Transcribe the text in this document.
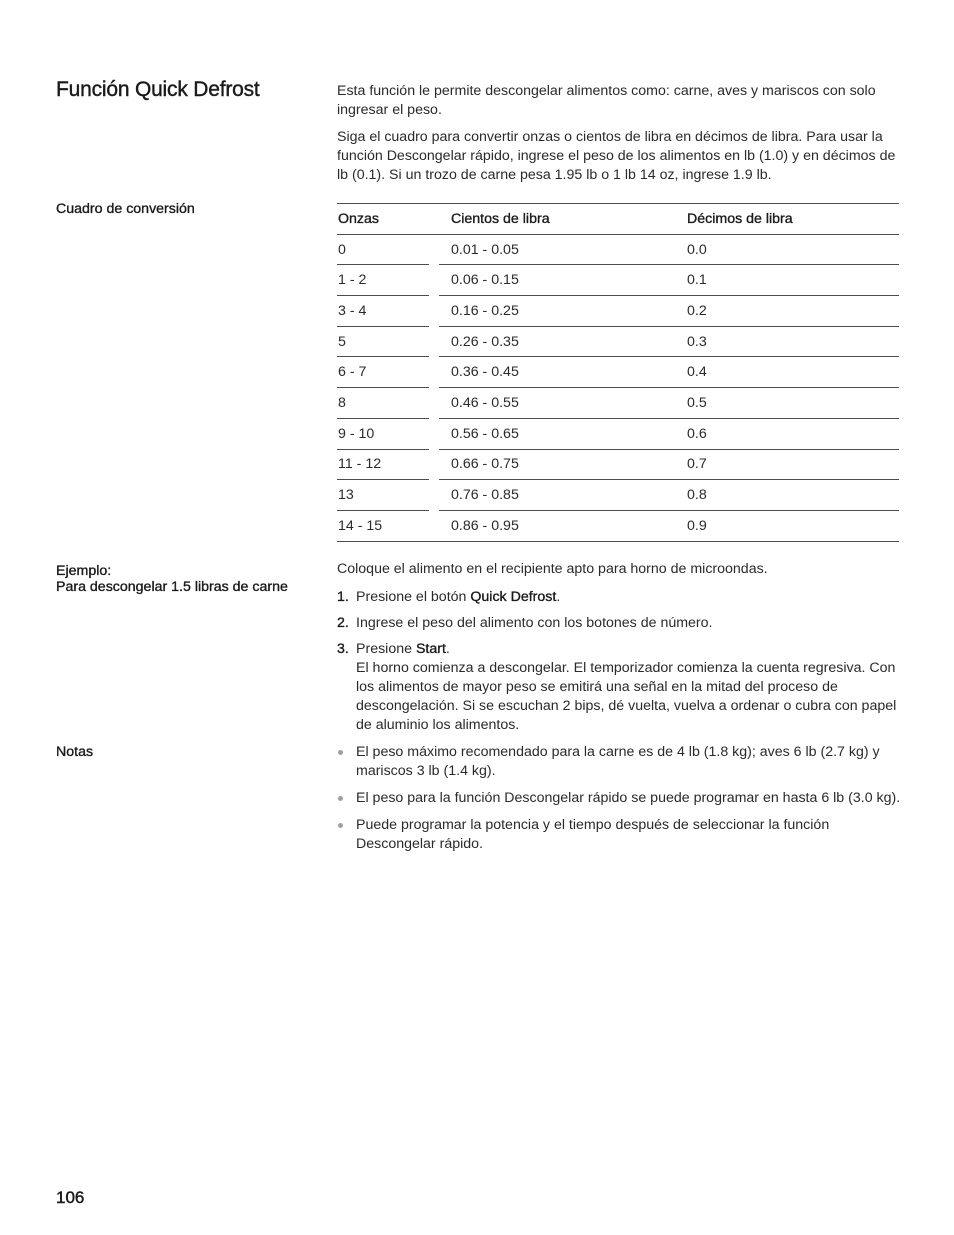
Función Quick Defrost	Esta función le permite descongelar alimentos como: carne, aves y mariscos con solo ingresar el peso.

Siga el cuadro para convertir onzas o cientos de libra en décimos de libra. Para usar la función Descongelar rápido, ingrese el peso de los alimentos en lb (1.0) y en décimos de lb (0.1). Si un trozo de carne pesa 1.95 lb o 1 lb 14 oz, ingrese 1.9 lb.

Cuadro de conversión
Onzas		Cientos de libra	Décimos de libra
0		0.01 - 0.05	0.0
1 - 2		0.06 - 0.15	0.1
3 - 4		0.16 - 0.25	0.2
5		0.26 - 0.35	0.3
6 - 7		0.36 - 0.45	0.4
8		0.46 - 0.55	0.5
9 - 10		0.56 - 0.65	0.6
11 - 12		0.66 - 0.75	0.7
13		0.76 - 0.85	0.8
14 - 15		0.86 - 0.95	0.9
Ejemplo:
Para descongelar 1.5 libras de carne

Coloque el alimento en el recipiente apto para horno de microondas.

1. Presione el botón Quick Defrost.
2. Ingrese el peso del alimento con los botones de número.
3. Presione Start.
El horno comienza a descongelar. El temporizador comienza la cuenta regresiva. Con los alimentos de mayor peso se emitirá una señal en la mitad del proceso de descongelación. Si se escuchan 2 bips, dé vuelta, vuelva a ordenar o cubra con papel de aluminio los alimentos.
Notas	El peso máximo recomendado para la carne es de 4 lb (1.8 kg); aves 6 lb (2.7 kg) y mariscos 3 lb (1.4 kg).
El peso para la función Descongelar rápido se puede programar en hasta 6 lb (3.0 kg).
Puede programar la potencia y el tiempo después de seleccionar la función Descongelar rápido.
106
